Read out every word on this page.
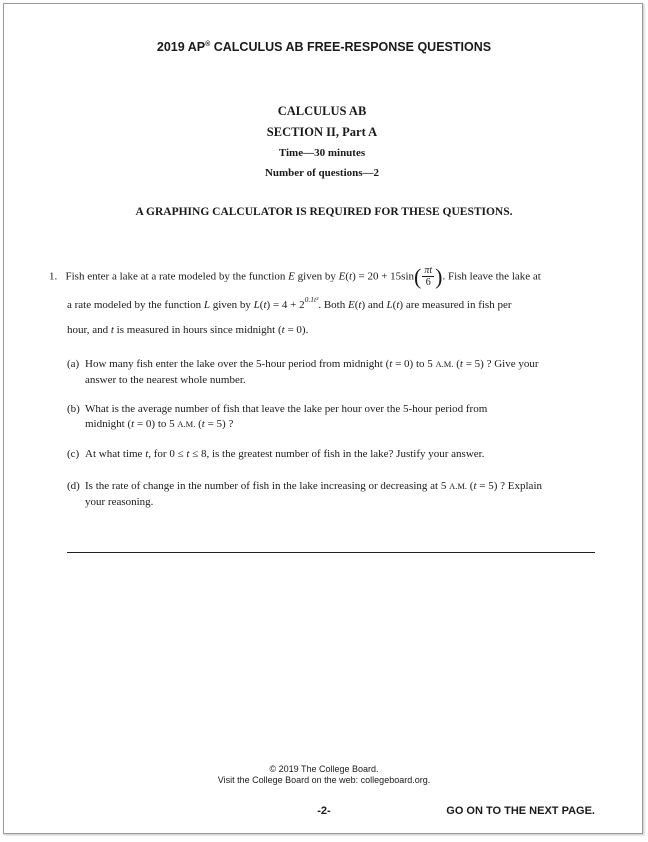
2019 AP® CALCULUS AB FREE-RESPONSE QUESTIONS
CALCULUS AB
SECTION II, Part A
Time—30 minutes
Number of questions—2
A GRAPHING CALCULATOR IS REQUIRED FOR THESE QUESTIONS.
1. Fish enter a lake at a rate modeled by the function E given by $E(t) = 20 + 15\sin( \frac{\pi t}{6}$ ). Fish leave the lake at
a rate modeled by the function L given by $L(t) = 4 + 2^{0.1t^2}$. Both E(t) and L(t) are measured in fish per
hour, and t is measured in hours since midnight (t = 0).
(a) How many fish enter the lake over the 5-hour period from midnight (t = 0) to 5 A.M. (t = 5) ? Give your
answer to the nearest whole number.
(b) What is the average number of fish that leave the lake per hour over the 5-hour period from
midnight (t = 0) to 5 A.M. (t = 5) ?
(c) At what time t, for 0 ≤ t ≤ 8, is the greatest number of fish in the lake? Justify your answer.
(d) Is the rate of change in the number of fish in the lake increasing or decreasing at 5 A.M. (t = 5) ? Explain
your reasoning.
© 2019 The College Board.
Visit the College Board on the web: collegeboard.org.
-2-	GO ON TO THE NEXT PAGE.
